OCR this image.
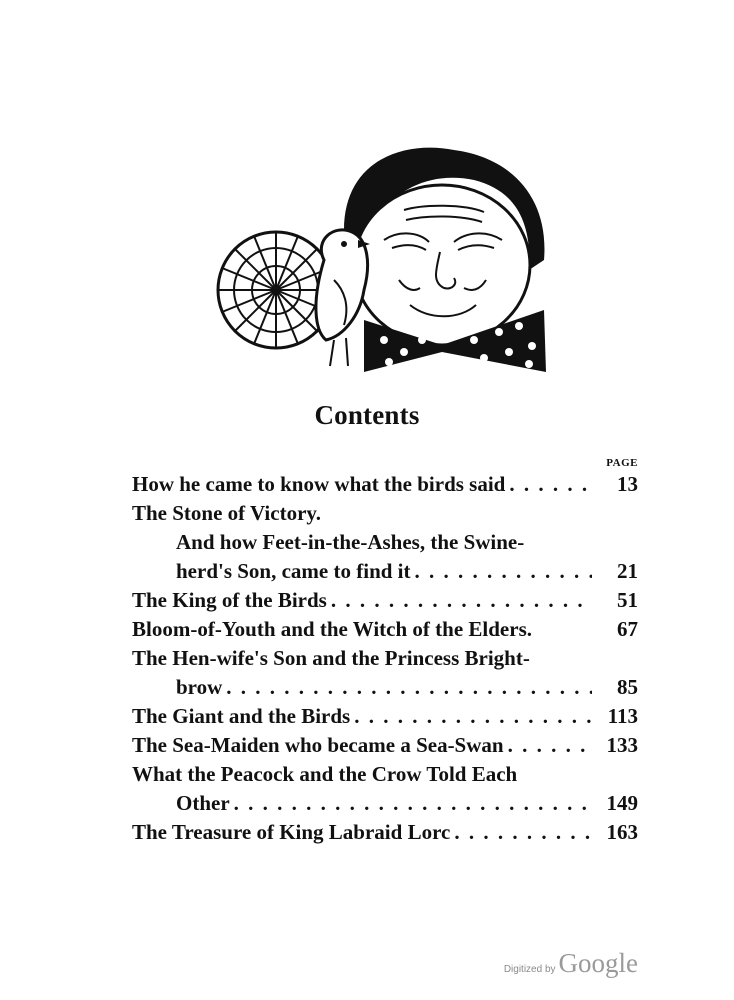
Contents
PAGE
How he came to know what the birds said . . .	13
The Stone of Victory.
And how Feet-in-the-Ashes, the Swine-
herd's Son, came to find it . . .	21
The King of the Birds . . .	51
Bloom-of-Youth and the Witch of the Elders.	67
The Hen-wife's Son and the Princess Bright-
brow . . .	85
The Giant and the Birds . . .	113
The Sea-Maiden who became a Sea-Swan . . .	133
What the Peacock and the Crow Told Each
Other . . .	149
The Treasure of King Labraid Lorc . . .	163
Digitized by Google
